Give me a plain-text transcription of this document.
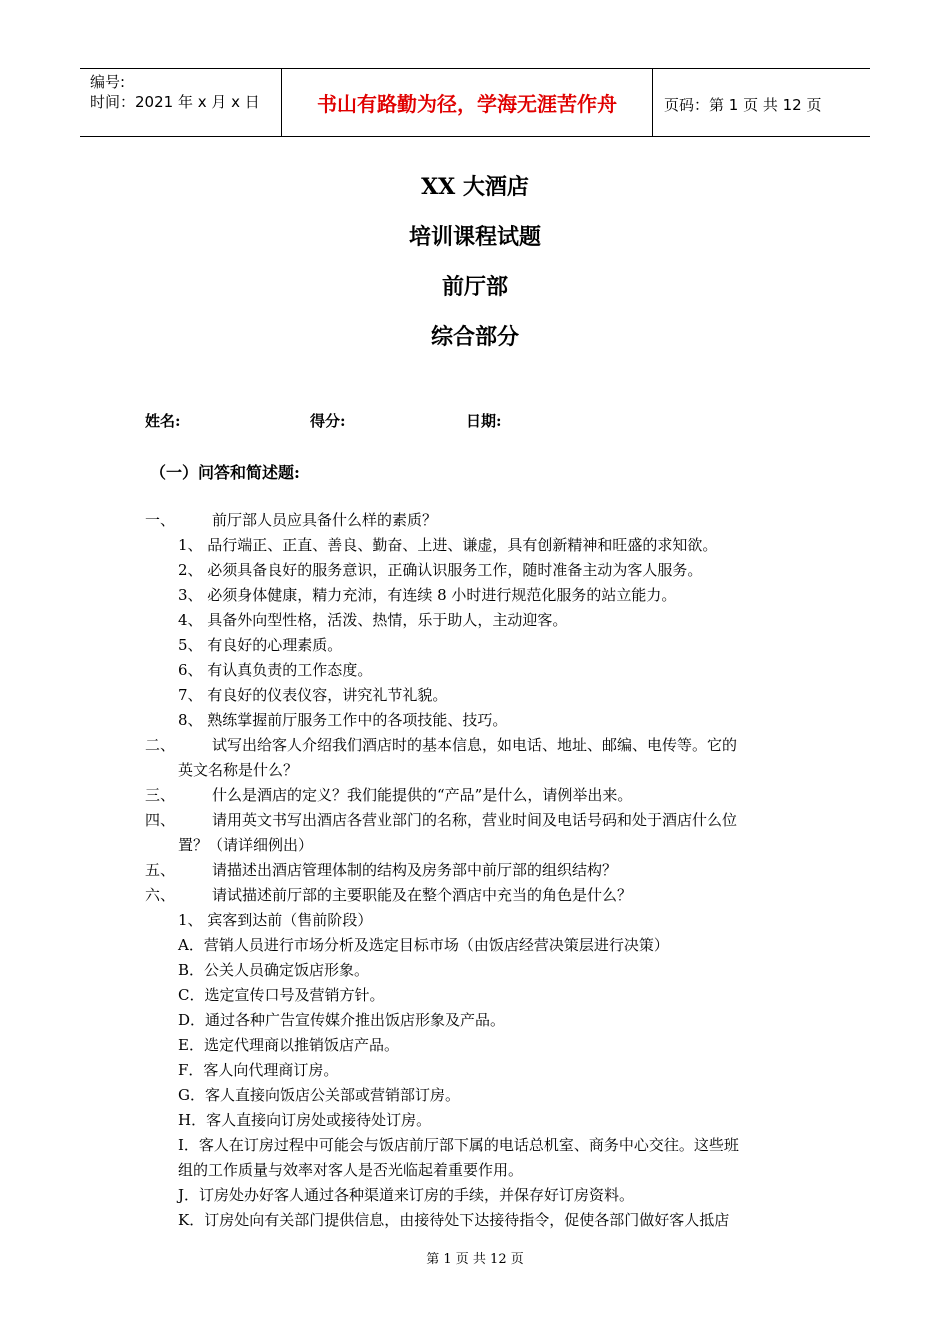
编号:
时间：2021 年 x 月 x 日	书山有路勤为径，学海无涯苦作舟	页码：第 1 页 共 12 页
XX 大酒店
培训课程试题
前厅部
综合部分
姓名:	得分:	日期:
（一）问答和简述题:
一、 前厅部人员应具备什么样的素质？
1、 品行端正、正直、善良、勤奋、上进、谦虚，具有创新精神和旺盛的求知欲。
2、 必须具备良好的服务意识，正确认识服务工作，随时准备主动为客人服务。
3、 必须身体健康，精力充沛，有连续 8 小时进行规范化服务的站立能力。
4、 具备外向型性格，活泼、热情，乐于助人，主动迎客。
5、 有良好的心理素质。
6、 有认真负责的工作态度。
7、 有良好的仪表仪容，讲究礼节礼貌。
8、 熟练掌握前厅服务工作中的各项技能、技巧。
二、 试写出给客人介绍我们酒店时的基本信息，如电话、地址、邮编、电传等。它的
英文名称是什么？
三、 什么是酒店的定义？我们能提供的“产品”是什么，请例举出来。
四、 请用英文书写出酒店各营业部门的名称，营业时间及电话号码和处于酒店什么位
置？（请详细例出）
五、 请描述出酒店管理体制的结构及房务部中前厅部的组织结构？
六、 请试描述前厅部的主要职能及在整个酒店中充当的角色是什么？
1、 宾客到达前（售前阶段）
A．营销人员进行市场分析及选定目标市场（由饭店经营决策层进行决策）
B．公关人员确定饭店形象。
C．选定宣传口号及营销方针。
D．通过各种广告宣传媒介推出饭店形象及产品。
E．选定代理商以推销饭店产品。
F．客人向代理商订房。
G．客人直接向饭店公关部或营销部订房。
H．客人直接向订房处或接待处订房。
I．客人在订房过程中可能会与饭店前厅部下属的电话总机室、商务中心交往。这些班
组的工作质量与效率对客人是否光临起着重要作用。
J．订房处办好客人通过各种渠道来订房的手续，并保存好订房资料。
K．订房处向有关部门提供信息，由接待处下达接待指令，促使各部门做好客人抵店
第 1 页 共 12 页
